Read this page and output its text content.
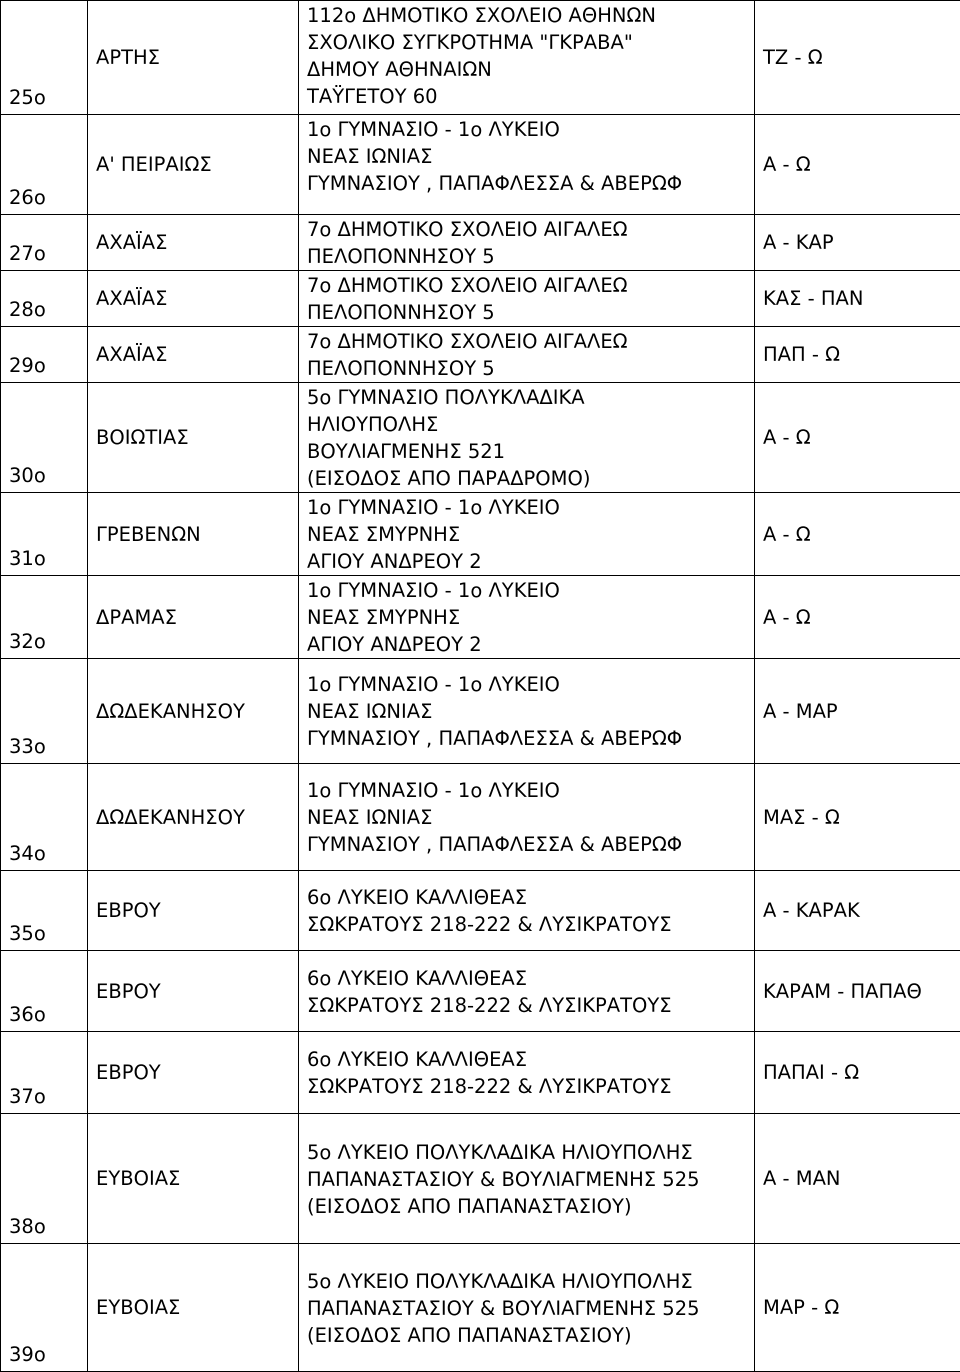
25ο	ΑΡΤΗΣ	112ο ΔΗΜΟΤΙΚΟ ΣΧΟΛΕΙΟ ΑΘΗΝΩΝ
ΣΧΟΛΙΚΟ ΣΥΓΚΡΟΤΗΜΑ "ΓΚΡΑΒΑ"
ΔΗΜΟΥ ΑΘΗΝΑΙΩΝ
ΤΑΫΓΕΤΟΥ 60	ΤΖ - Ω
26ο	Α' ΠΕΙΡΑΙΩΣ	1ο ΓΥΜΝΑΣΙΟ - 1ο ΛΥΚΕΙΟ
ΝΕΑΣ ΙΩΝΙΑΣ
ΓΥΜΝΑΣΙΟΥ , ΠΑΠΑΦΛΕΣΣΑ & ΑΒΕΡΩΦ	Α - Ω
27ο	ΑΧΑΪΑΣ	7ο ΔΗΜΟΤΙΚΟ ΣΧΟΛΕΙΟ ΑΙΓΑΛΕΩ
ΠΕΛΟΠΟΝΝΗΣΟΥ 5	Α - ΚΑΡ
28ο	ΑΧΑΪΑΣ	7ο ΔΗΜΟΤΙΚΟ ΣΧΟΛΕΙΟ ΑΙΓΑΛΕΩ
ΠΕΛΟΠΟΝΝΗΣΟΥ 5	ΚΑΣ - ΠΑΝ
29ο	ΑΧΑΪΑΣ	7ο ΔΗΜΟΤΙΚΟ ΣΧΟΛΕΙΟ ΑΙΓΑΛΕΩ
ΠΕΛΟΠΟΝΝΗΣΟΥ 5	ΠΑΠ - Ω
30ο	ΒΟΙΩΤΙΑΣ	5ο ΓΥΜΝΑΣΙΟ ΠΟΛΥΚΛΑΔΙΚΑ
ΗΛΙΟΥΠΟΛΗΣ
ΒΟΥΛΙΑΓΜΕΝΗΣ 521
(ΕΙΣΟΔΟΣ ΑΠΟ ΠΑΡΑΔΡΟΜΟ)	Α - Ω
31ο	ΓΡΕΒΕΝΩΝ	1ο ΓΥΜΝΑΣΙΟ - 1ο ΛΥΚΕΙΟ
ΝΕΑΣ ΣΜΥΡΝΗΣ
ΑΓΙΟΥ ΑΝΔΡΕΟΥ 2	Α - Ω
32ο	ΔΡΑΜΑΣ	1ο ΓΥΜΝΑΣΙΟ - 1ο ΛΥΚΕΙΟ
ΝΕΑΣ ΣΜΥΡΝΗΣ
ΑΓΙΟΥ ΑΝΔΡΕΟΥ 2	Α - Ω
33ο	ΔΩΔΕΚΑΝΗΣΟΥ	1ο ΓΥΜΝΑΣΙΟ - 1ο ΛΥΚΕΙΟ
ΝΕΑΣ ΙΩΝΙΑΣ
ΓΥΜΝΑΣΙΟΥ , ΠΑΠΑΦΛΕΣΣΑ & ΑΒΕΡΩΦ	Α - ΜΑΡ
34ο	ΔΩΔΕΚΑΝΗΣΟΥ	1ο ΓΥΜΝΑΣΙΟ - 1ο ΛΥΚΕΙΟ
ΝΕΑΣ ΙΩΝΙΑΣ
ΓΥΜΝΑΣΙΟΥ , ΠΑΠΑΦΛΕΣΣΑ & ΑΒΕΡΩΦ	ΜΑΣ - Ω
35ο	ΕΒΡΟΥ	6ο ΛΥΚΕΙΟ ΚΑΛΛΙΘΕΑΣ
ΣΩΚΡΑΤΟΥΣ 218-222 & ΛΥΣΙΚΡΑΤΟΥΣ	Α - ΚΑΡΑΚ
36ο	ΕΒΡΟΥ	6ο ΛΥΚΕΙΟ ΚΑΛΛΙΘΕΑΣ
ΣΩΚΡΑΤΟΥΣ 218-222 & ΛΥΣΙΚΡΑΤΟΥΣ	ΚΑΡΑΜ - ΠΑΠΑΘ
37ο	ΕΒΡΟΥ	6ο ΛΥΚΕΙΟ ΚΑΛΛΙΘΕΑΣ
ΣΩΚΡΑΤΟΥΣ 218-222 & ΛΥΣΙΚΡΑΤΟΥΣ	ΠΑΠΑΙ - Ω
38ο	ΕΥΒΟΙΑΣ	5ο ΛΥΚΕΙΟ ΠΟΛΥΚΛΑΔΙΚΑ ΗΛΙΟΥΠΟΛΗΣ
ΠΑΠΑΝΑΣΤΑΣΙΟΥ & ΒΟΥΛΙΑΓΜΕΝΗΣ 525
(ΕΙΣΟΔΟΣ ΑΠΟ ΠΑΠΑΝΑΣΤΑΣΙΟΥ)	Α - ΜΑΝ
39ο	ΕΥΒΟΙΑΣ	5ο ΛΥΚΕΙΟ ΠΟΛΥΚΛΑΔΙΚΑ ΗΛΙΟΥΠΟΛΗΣ
ΠΑΠΑΝΑΣΤΑΣΙΟΥ & ΒΟΥΛΙΑΓΜΕΝΗΣ 525
(ΕΙΣΟΔΟΣ ΑΠΟ ΠΑΠΑΝΑΣΤΑΣΙΟΥ)	ΜΑΡ - Ω
